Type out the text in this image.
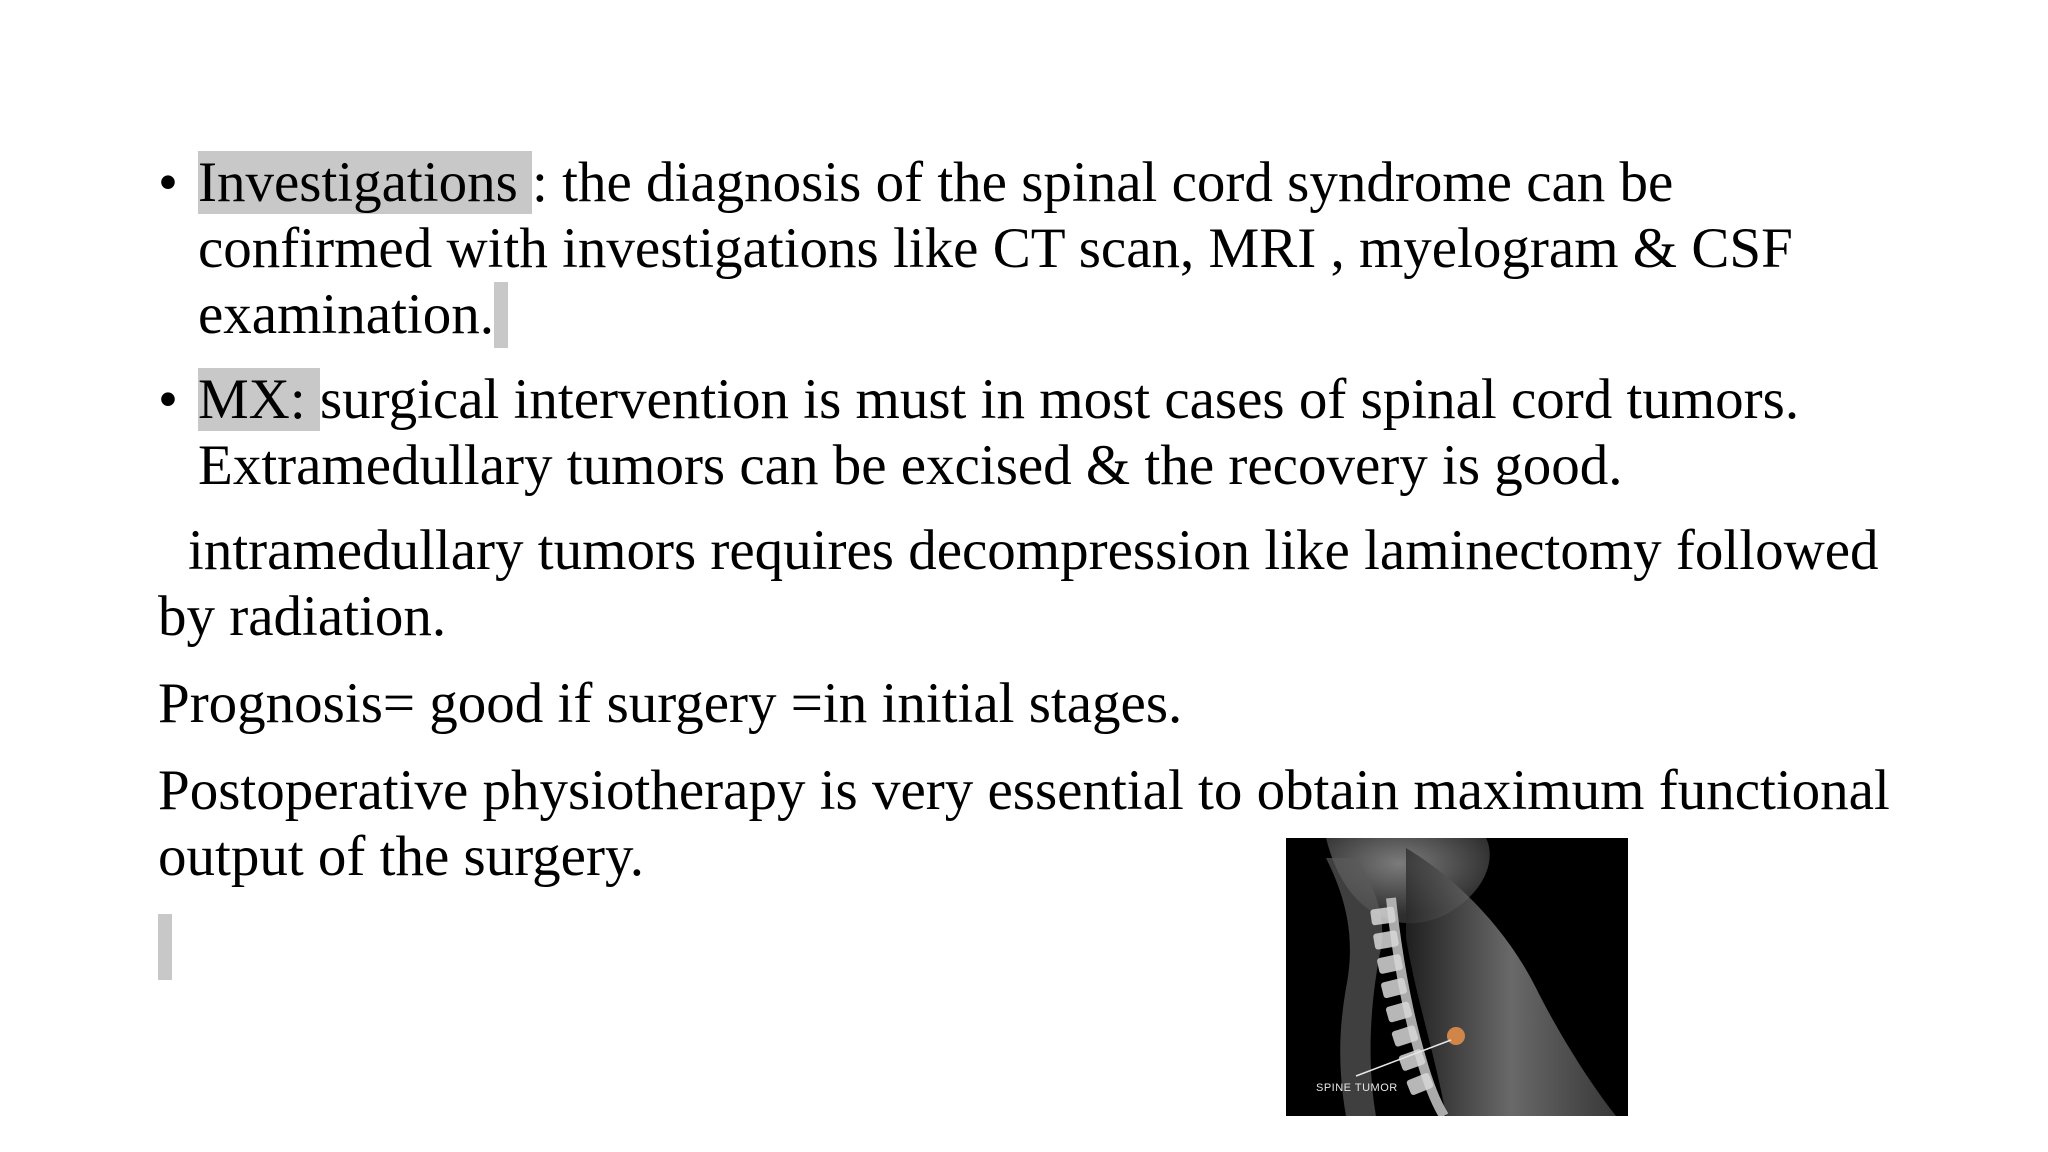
• Investigations : the diagnosis of the spinal cord syndrome can be confirmed with investigations like CT scan, MRI , myelogram & CSF examination.
• MX: surgical intervention is must in most cases of spinal cord tumors. Extramedullary tumors can be excised & the recovery is good.
intramedullary tumors requires decompression like laminectomy followed by radiation.
Prognosis= good if surgery =in initial stages.
Postoperative physiotherapy is very essential to obtain maximum functional output of the surgery.
SPINE TUMOR
